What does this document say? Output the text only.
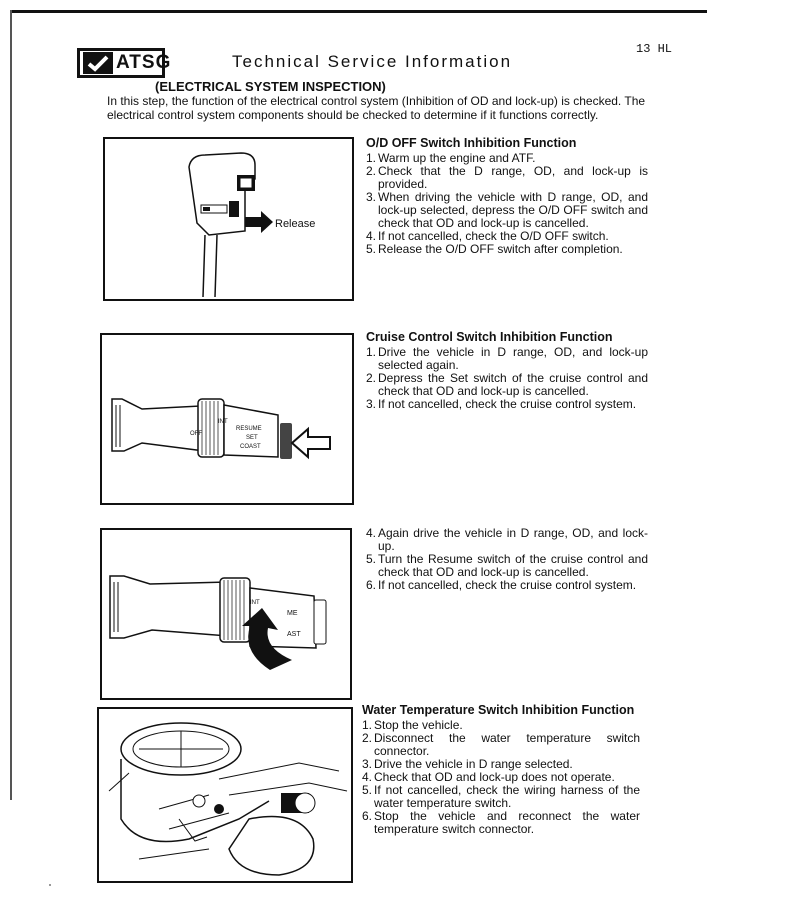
ATSG	Technical Service Information
13 HL
(ELECTRICAL SYSTEM INSPECTION)
In this step, the function of the electrical control system (Inhibition of OD and lock-up) is checked. The electrical control system components should be checked to determine if it functions correctly.
Release
OFF
RESUME
SET
COAST
INT
ME
AST
INT
O/D OFF Switch Inhibition Function
1. Warm up the engine and ATF.
2. Check that the D range, OD, and lock-up is provided.
3. When driving the vehicle with D range, OD, and lock-up selected, depress the O/D OFF switch and check that OD and lock-up is cancelled.
4. If not cancelled, check the O/D OFF switch.
5. Release the O/D OFF switch after completion.
Cruise Control Switch Inhibition Function
1. Drive the vehicle in D range, OD, and lock-up selected again.
2. Depress the Set switch of the cruise control and check that OD and lock-up is cancelled.
3. If not cancelled, check the cruise control system.
4. Again drive the vehicle in D range, OD, and lock-up.
5. Turn the Resume switch of the cruise control and check that OD and lock-up is cancelled.
6. If not cancelled, check the cruise control system.
Water Temperature Switch Inhibition Function
1. Stop the vehicle.
2. Disconnect the water temperature switch connector.
3. Drive the vehicle in D range selected.
4. Check that OD and lock-up does not operate.
5. If not cancelled, check the wiring harness of the water temperature switch.
6. Stop the vehicle and reconnect the water temperature switch connector.
